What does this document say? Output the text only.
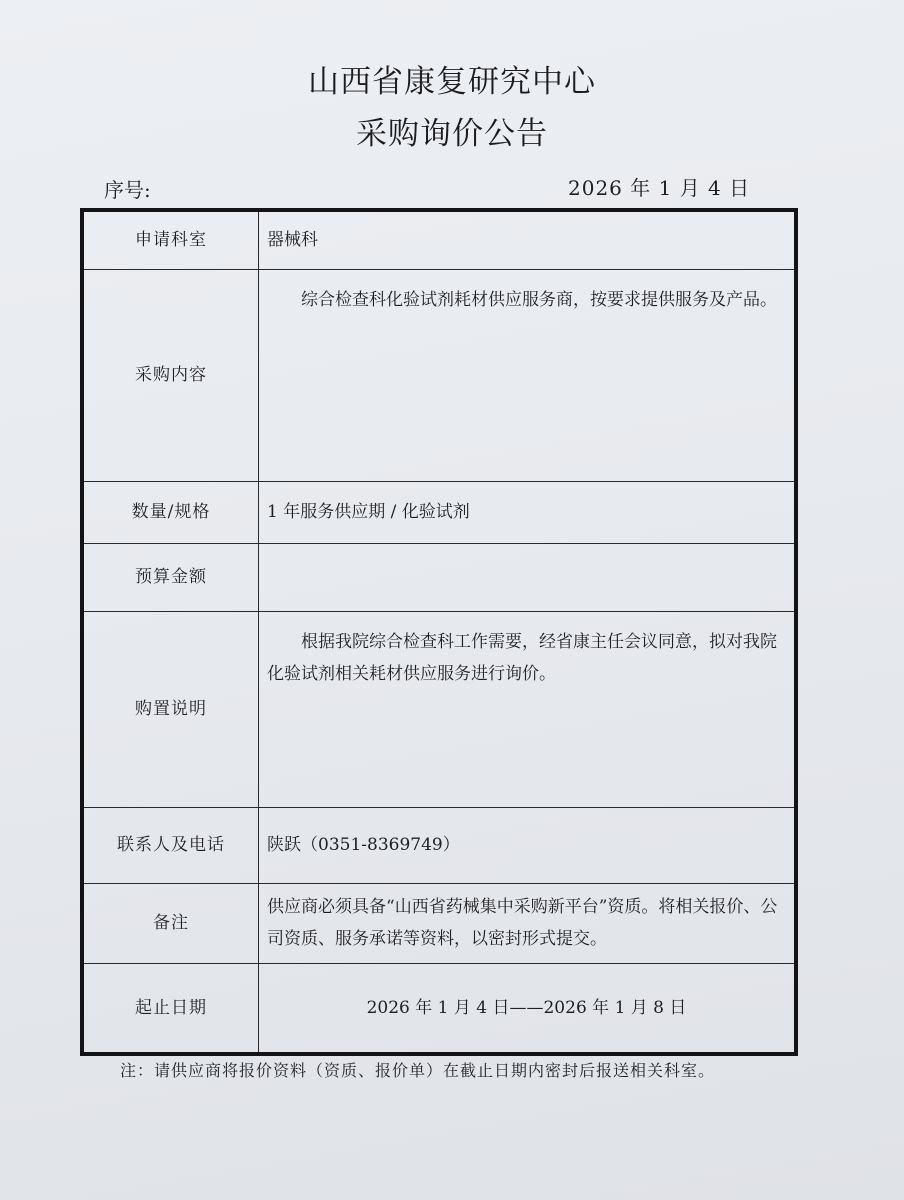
山西省康复研究中心
采购询价公告
序号:	2026 年 1 月 4 日
申请科室	器械科
采购内容	综合检查科化验试剂耗材供应服务商，按要求提供服务及产品。
数量/规格	1 年服务供应期 / 化验试剂
预算金额	
购置说明	根据我院综合检查科工作需要，经省康主任会议同意，拟对我院化验试剂相关耗材供应服务进行询价。
联系人及电话	陕跃（0351-8369749）
备注	供应商必须具备“山西省药械集中采购新平台”资质。将相关报价、公司资质、服务承诺等资料，以密封形式提交。
起止日期	2026 年 1 月 4 日——2026 年 1 月 8 日
注：请供应商将报价资料（资质、报价单）在截止日期内密封后报送相关科室。
